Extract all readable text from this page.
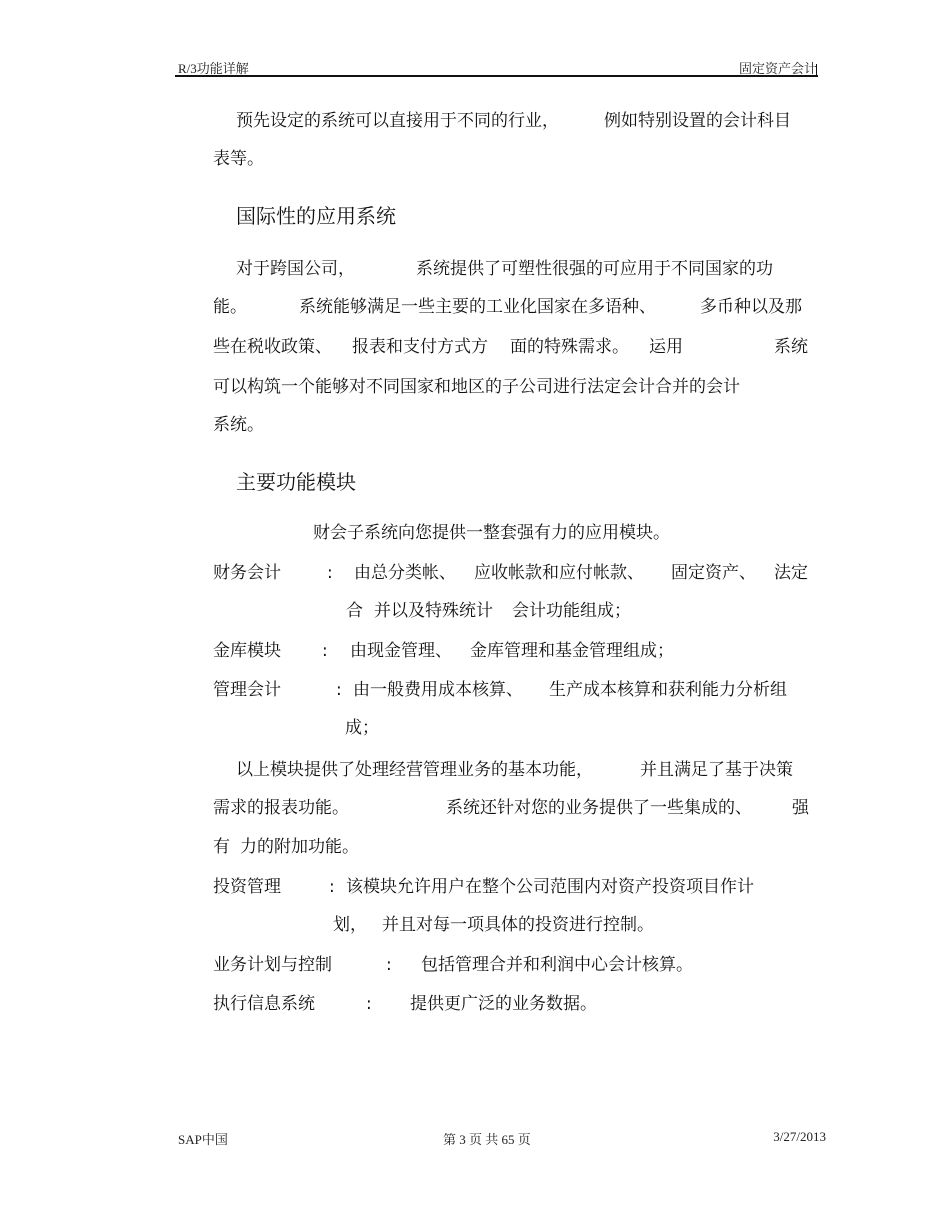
R/3功能详解	固定资产会计
预先设定的系统可以直接用于不同的行业，	例如特别设置的会计科目
表等。
国际性的应用系统
对于跨国公司，	系统提供了可塑性很强的可应用于不同国家的功
能。	系统能够满足一些主要的工业化国家在多语种、	多币种以及那
些在税收政策、 报表和支付方式方 面的特殊需求。 运用	系统
可以构筑一个能够对不同国家和地区的子公司进行法定会计合并的会计
系统。
主要功能模块
财会子系统向您提供一整套强有力的应用模块。
财务会计	: 由总分类帐、 应收帐款和应付帐款、 固定资产、 法定
合 并以及特殊统计 会计功能组成；
金库模块 : 由现金管理、 金库管理和基金管理组成；
管理会计	: 由一般费用成本核算、 生产成本核算和获利能力分析组
成；
以上模块提供了处理经营管理业务的基本功能，	并且满足了基于决策
需求的报表功能。	系统还针对您的业务提供了一些集成的、 强
有 力的附加功能。
投资管理	: 该模块允许用户在整个公司范围内对资产投资项目作计
划， 并且对每一项具体的投资进行控制。
业务计划与控制	: 包括管理合并和利润中心会计核算。
执行信息系统	: 提供更广泛的业务数据。
SAP中国	第 3 页 共 65 页	3/27/2013
